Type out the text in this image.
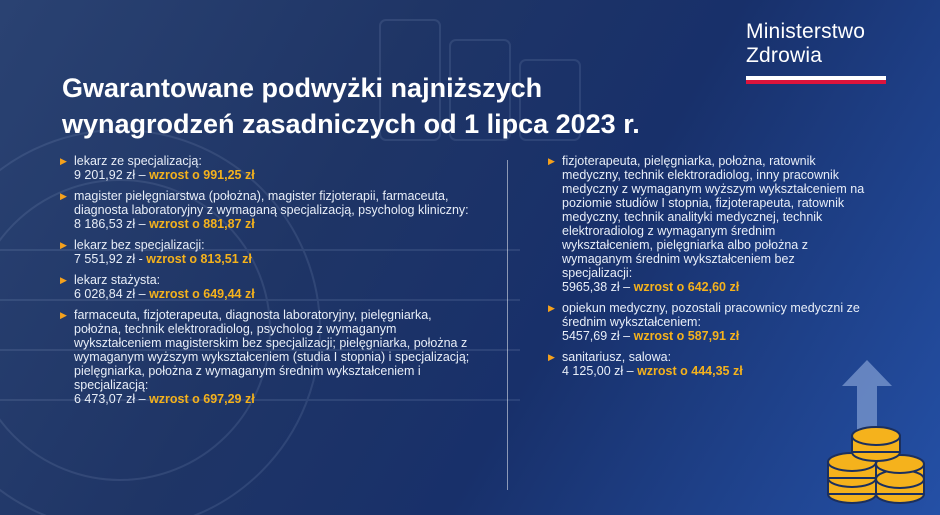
Ministerstwo
Zdrowia
Gwarantowane podwyżki najniższych
wynagrodzeń zasadniczych od 1 lipca 2023 r.
▶ lekarz ze specjalizacją:
9 201,92 zł – wzrost o 991,25 zł
▶ magister pielęgniarstwa (położna), magister fizjoterapii, farmaceuta, diagnosta laboratoryjny z wymaganą specjalizacją, psycholog kliniczny:
8 186,53 zł – wzrost o 881,87 zł
▶ lekarz bez specjalizacji:
7 551,92 zł - wzrost o 813,51 zł
▶ lekarz stażysta:
6 028,84 zł – wzrost o 649,44 zł
▶ farmaceuta, fizjoterapeuta, diagnosta laboratoryjny, pielęgniarka, położna, technik elektroradiolog, psycholog z wymaganym wykształceniem magisterskim bez specjalizacji; pielęgniarka, położna z wymaganym wyższym wykształceniem (studia I stopnia) i specjalizacją; pielęgniarka, położna z wymaganym średnim wykształceniem i specjalizacją:
6 473,07 zł – wzrost o 697,29 zł
▶ fizjoterapeuta, pielęgniarka, położna, ratownik medyczny, technik elektroradiolog, inny pracownik medyczny z wymaganym wyższym wykształceniem na poziomie studiów I stopnia, fizjoterapeuta, ratownik medyczny, technik analityki medycznej, technik elektroradiolog z wymaganym średnim wykształceniem, pielęgniarka albo położna z wymaganym średnim wykształceniem bez specjalizacji:
5965,38 zł – wzrost o 642,60 zł
▶ opiekun medyczny, pozostali pracownicy medyczni ze średnim wykształceniem:
5457,69 zł – wzrost o 587,91 zł
▶ sanitariusz, salowa:
4 125,00 zł – wzrost o 444,35 zł
